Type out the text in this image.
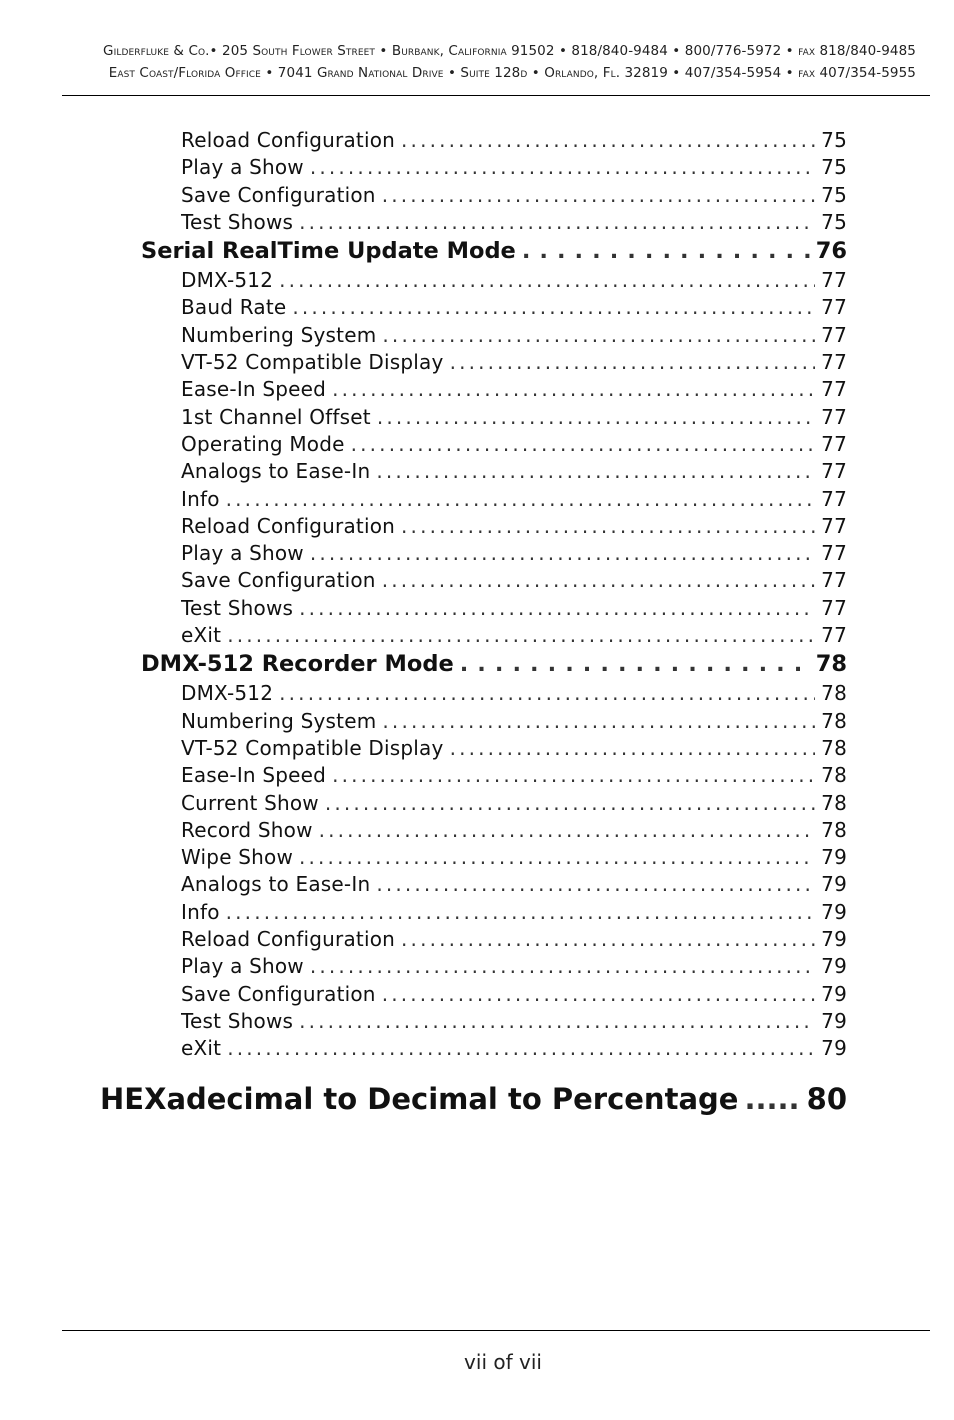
Gilderfluke & Co.• 205 South Flower Street • Burbank, California 91502 • 818/840-9484 • 800/776-5972 • fax 818/840-9485
East Coast/Florida Office • 7041 Grand National Drive • Suite 128d • Orlando, Fl. 32819 • 407/354-5954 • fax 407/354-5955
Reload Configuration . . .	75
Play a Show . . .	75
Save Configuration . . .	75
Test Shows . . .	75
Serial RealTime Update Mode . . .	76
DMX-512 . . .	77
Baud Rate . . .	77
Numbering System . . .	77
VT-52 Compatible Display . . .	77
Ease-In Speed . . .	77
1st Channel Offset . . .	77
Operating Mode . . .	77
Analogs to Ease-In . . .	77
Info . . .	77
Reload Configuration . . .	77
Play a Show . . .	77
Save Configuration . . .	77
Test Shows . . .	77
eXit . . .	77
DMX-512 Recorder Mode . . .	78
DMX-512 . . .	78
Numbering System . . .	78
VT-52 Compatible Display . . .	78
Ease-In Speed . . .	78
Current Show . . .	78
Record Show . . .	78
Wipe Show . . .	79
Analogs to Ease-In . . .	79
Info . . .	79
Reload Configuration . . .	79
Play a Show . . .	79
Save Configuration . . .	79
Test Shows . . .	79
eXit . . .	79
HEXadecimal to Decimal to Percentage ..... 80
vii of vii
